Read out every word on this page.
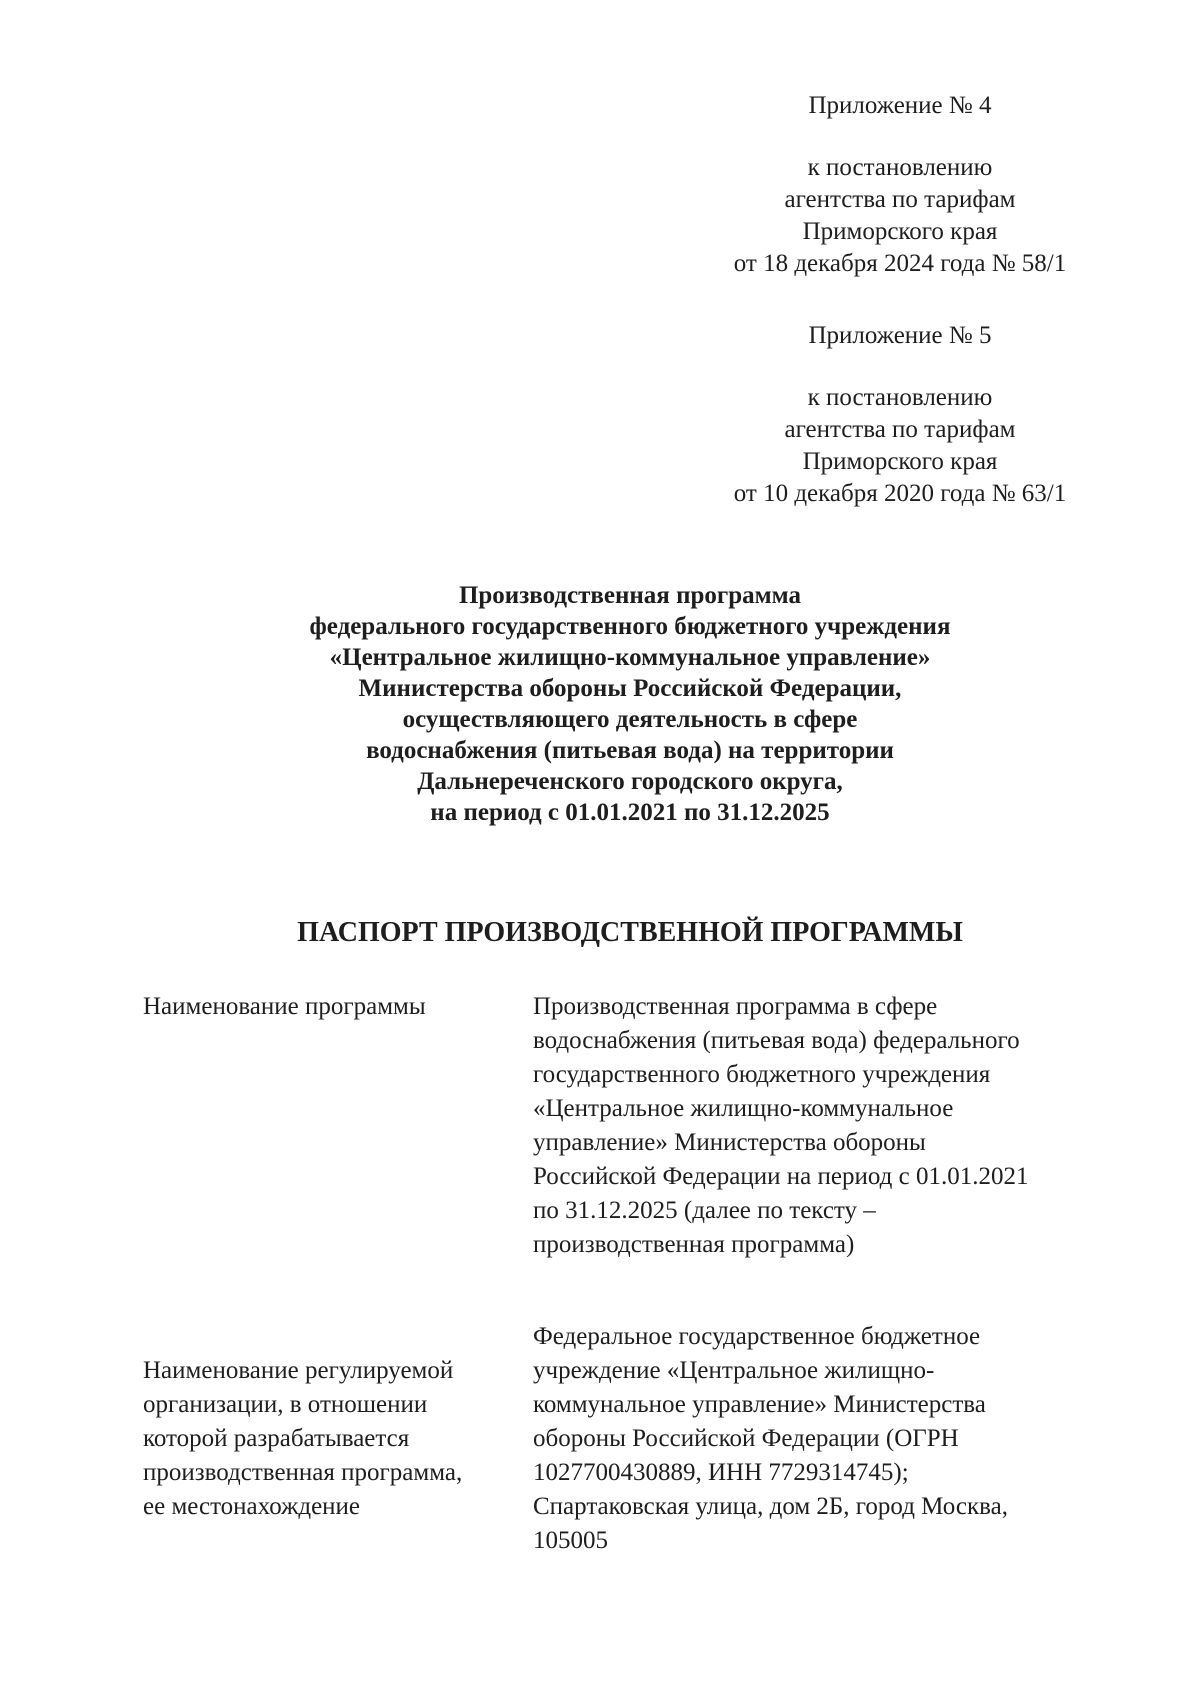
Приложение № 4
к постановлению
агентства по тарифам
Приморского края
от 18 декабря 2024 года № 58/1
Приложение № 5
к постановлению
агентства по тарифам
Приморского края
от 10 декабря 2020 года № 63/1
Производственная программа
федерального государственного бюджетного учреждения
«Центральное жилищно-коммунальное управление»
Министерства обороны Российской Федерации,
осуществляющего деятельность в сфере
водоснабжения (питьевая вода) на территории
Дальнереченского городского округа,
на период с 01.01.2021 по 31.12.2025
ПАСПОРТ ПРОИЗВОДСТВЕННОЙ ПРОГРАММЫ
Наименование программы	Производственная программа в сфере
водоснабжения (питьевая вода) федерального
государственного бюджетного учреждения
«Центральное жилищно-коммунальное
управление» Министерства обороны
Российской Федерации на период с 01.01.2021
по 31.12.2025 (далее по тексту –
производственная программа)
Наименование регулируемой
организации, в отношении
которой разрабатывается
производственная программа,
ее местонахождение
Федеральное государственное бюджетное
учреждение «Центральное жилищно-
коммунальное управление» Министерства
обороны Российской Федерации (ОГРН
1027700430889, ИНН 7729314745);
Спартаковская улица, дом 2Б, город Москва,
105005
